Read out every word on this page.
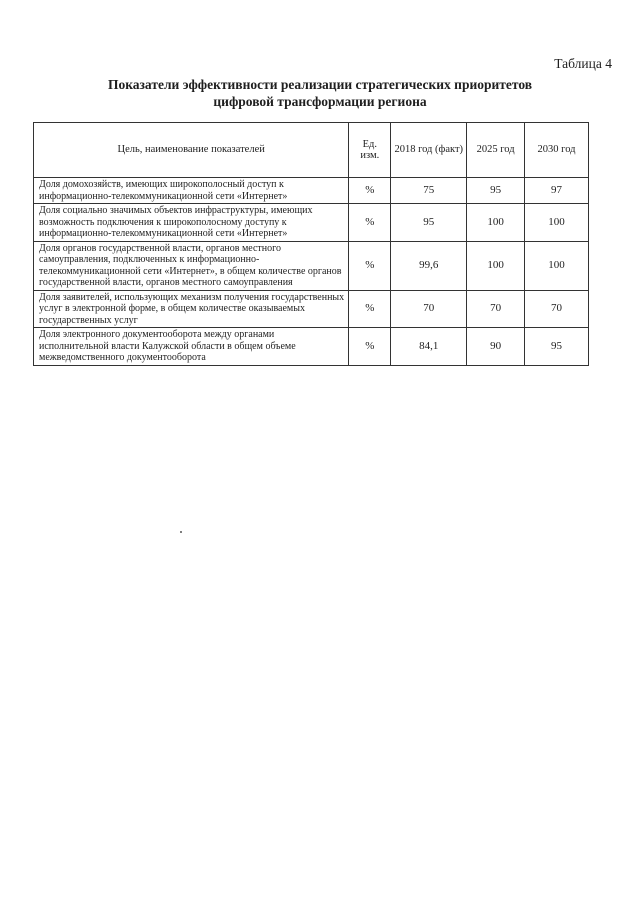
Таблица 4
Показатели эффективности реализации стратегических приоритетов
цифровой трансформации региона
Цель, наименование показателей	Ед. изм.	2018 год (факт)	2025 год	2030 год
Доля домохозяйств, имеющих широкополосный доступ к информационно-телекоммуникационной сети «Интернет»	%	75	95	97
Доля социально значимых объектов инфраструктуры, имеющих возможность подключения к широкополосному доступу к информационно-телекоммуникационной сети «Интернет»	%	95	100	100
Доля органов государственной власти, органов местного самоуправления, подключенных к информационно-телекоммуникационной сети «Интернет», в общем количестве органов государственной власти, органов местного самоуправления	%	99,6	100	100
Доля заявителей, использующих механизм получения государственных услуг в электронной форме, в общем количестве оказываемых государственных услуг	%	70	70	70
Доля электронного документооборота между органами исполнительной власти Калужской области в общем объеме межведомственного документооборота	%	84,1	90	95
